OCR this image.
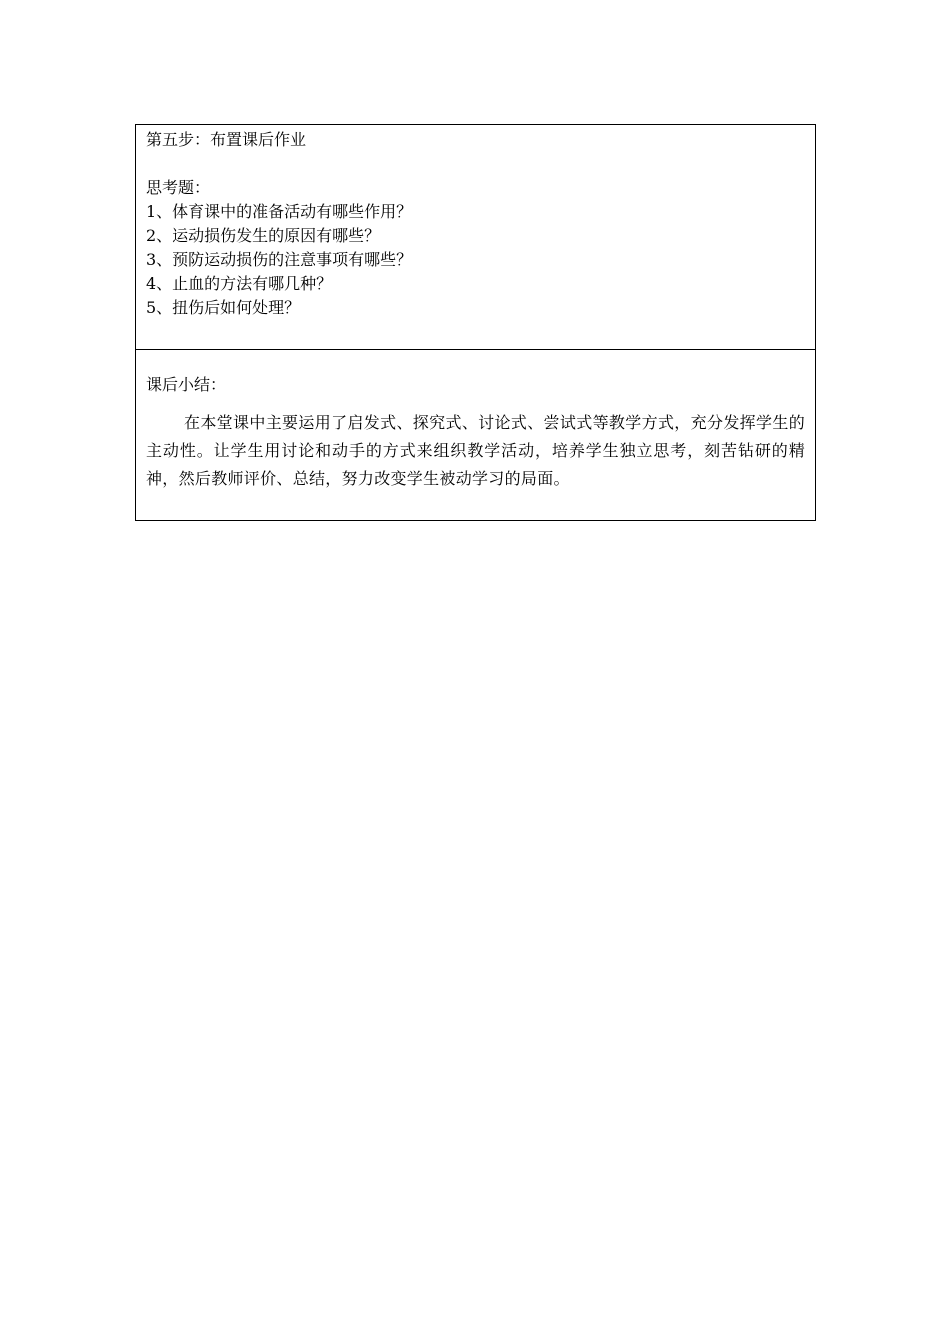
第五步：布置课后作业
思考题：
1、体育课中的准备活动有哪些作用？
2、运动损伤发生的原因有哪些？
3、预防运动损伤的注意事项有哪些？
4、止血的方法有哪几种？
5、扭伤后如何处理？
课后小结：
在本堂课中主要运用了启发式、探究式、讨论式、尝试式等教学方式，充分发挥学生的主动性。让学生用讨论和动手的方式来组织教学活动，培养学生独立思考，刻苦钻研的精神，然后教师评价、总结，努力改变学生被动学习的局面。
